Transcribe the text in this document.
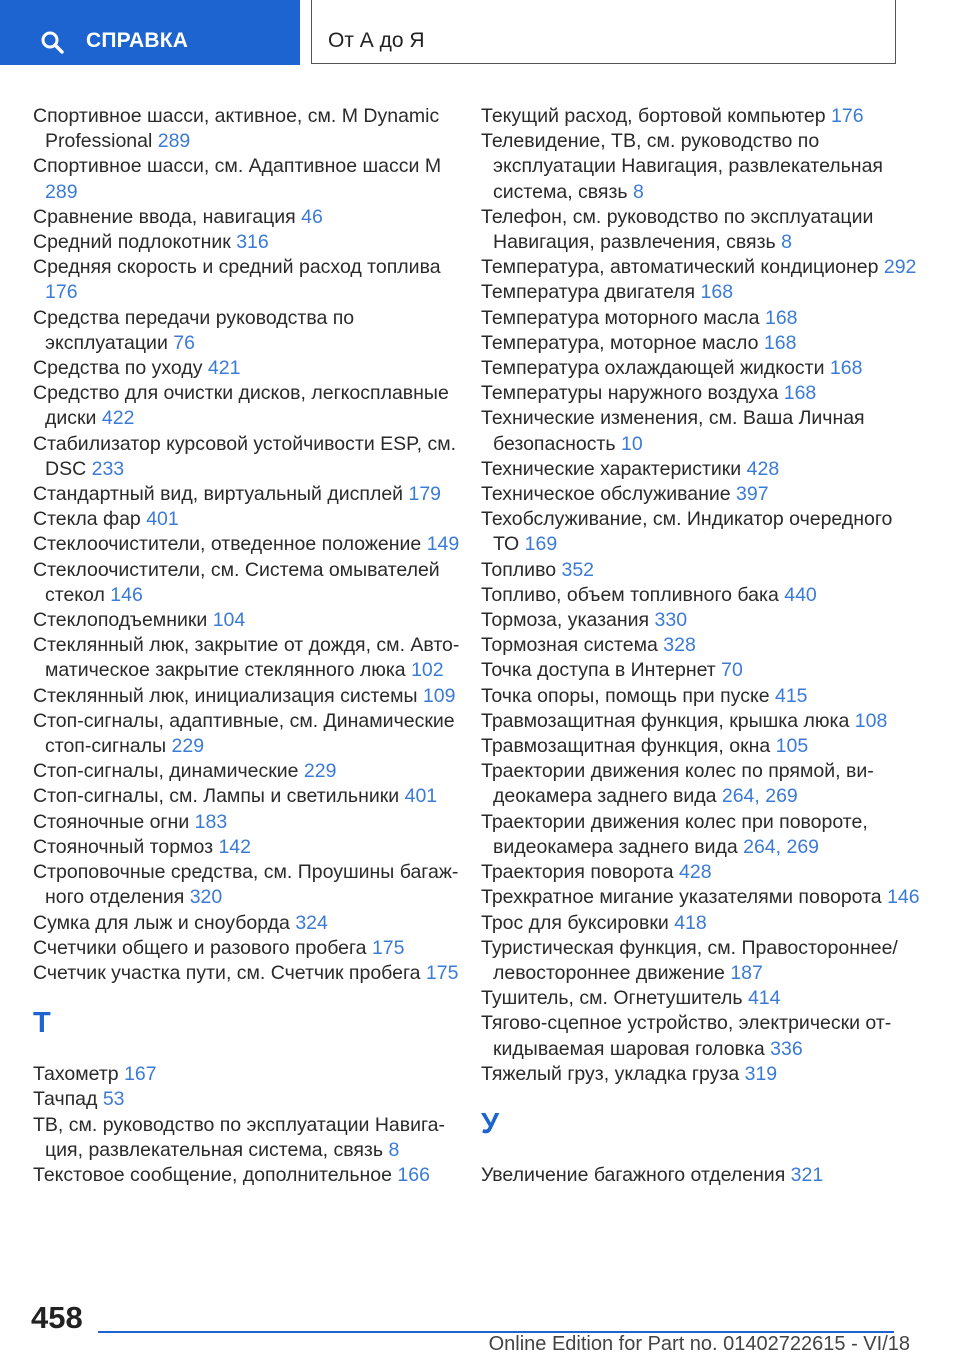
СПРАВКА	От А до Я
Спортивное шасси, активное, см. M Dynamic Professional 289
Спортивное шасси, см. Адаптивное шасси M 289
Сравнение ввода, навигация 46
Средний подлокотник 316
Средняя скорость и средний расход топлива 176
Средства передачи руководства по эксплуатации 76
Средства по уходу 421
Средство для очистки дисков, легкосплавные диски 422
Стабилизатор курсовой устойчивости ESP, см. DSC 233
Стандартный вид, виртуальный дисплей 179
Стекла фар 401
Стеклоочистители, отведенное положение 149
Стеклоочистители, см. Система омывателей стекол 146
Стеклоподъемники 104
Стеклянный люк, закрытие от дождя, см. Автоматическое закрытие стеклянного люка 102
Стеклянный люк, инициализация системы 109
Стоп-сигналы, адаптивные, см. Динамические стоп-сигналы 229
Стоп-сигналы, динамические 229
Стоп-сигналы, см. Лампы и светильники 401
Стояночные огни 183
Стояночный тормоз 142
Строповочные средства, см. Проушины багажного отделения 320
Сумка для лыж и сноуборда 324
Счетчики общего и разового пробега 175
Счетчик участка пути, см. Счетчик пробега 175
Т
Тахометр 167
Тачпад 53
ТВ, см. руководство по эксплуатации Навигация, развлекательная система, связь 8
Текстовое сообщение, дополнительное 166
Текущий расход, бортовой компьютер 176
Телевидение, ТВ, см. руководство по эксплуатации Навигация, развлекательная система, связь 8
Телефон, см. руководство по эксплуатации Навигация, развлечения, связь 8
Температура, автоматический кондиционер 292
Температура двигателя 168
Температура моторного масла 168
Температура, моторное масло 168
Температура охлаждающей жидкости 168
Температуры наружного воздуха 168
Технические изменения, см. Ваша Личная безопасность 10
Технические характеристики 428
Техническое обслуживание 397
Техобслуживание, см. Индикатор очередного ТО 169
Топливо 352
Топливо, объем топливного бака 440
Тормоза, указания 330
Тормозная система 328
Точка доступа в Интернет 70
Точка опоры, помощь при пуске 415
Травмозащитная функция, крышка люка 108
Травмозащитная функция, окна 105
Траектории движения колес по прямой, видеокамера заднего вида 264, 269
Траектории движения колес при повороте, видеокамера заднего вида 264, 269
Траектория поворота 428
Трехкратное мигание указателями поворота 146
Трос для буксировки 418
Туристическая функция, см. Правостороннее/левостороннее движение 187
Тушитель, см. Огнетушитель 414
Тягово-сцепное устройство, электрически откидываемая шаровая головка 336
Тяжелый груз, укладка груза 319
У
Увеличение багажного отделения 321
458
Online Edition for Part no. 01402722615 - VI/18
